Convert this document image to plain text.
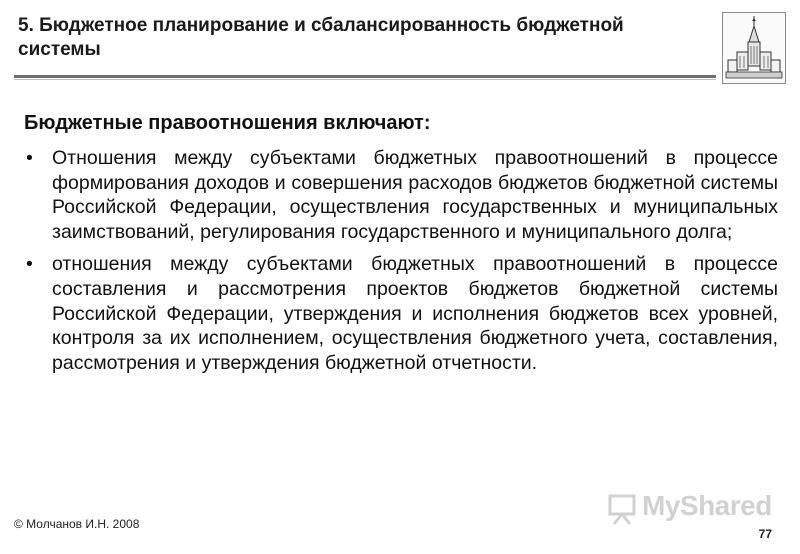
5. Бюджетное планирование и сбалансированность бюджетной системы
Бюджетные правоотношения включают:
• Отношения между субъектами бюджетных правоотношений в процессе формирования доходов и совершения расходов бюджетов бюджетной системы Российской Федерации, осуществления государственных и муниципальных заимствований, регулирования государственного и муниципального долга;
• отношения между субъектами бюджетных правоотношений в процессе составления и рассмотрения проектов бюджетов бюджетной системы Российской Федерации, утверждения и исполнения бюджетов всех уровней, контроля за их исполнением, осуществления бюджетного учета, составления, рассмотрения и утверждения бюджетной отчетности.
MyShared
© Молчанов И.Н. 2008
77
